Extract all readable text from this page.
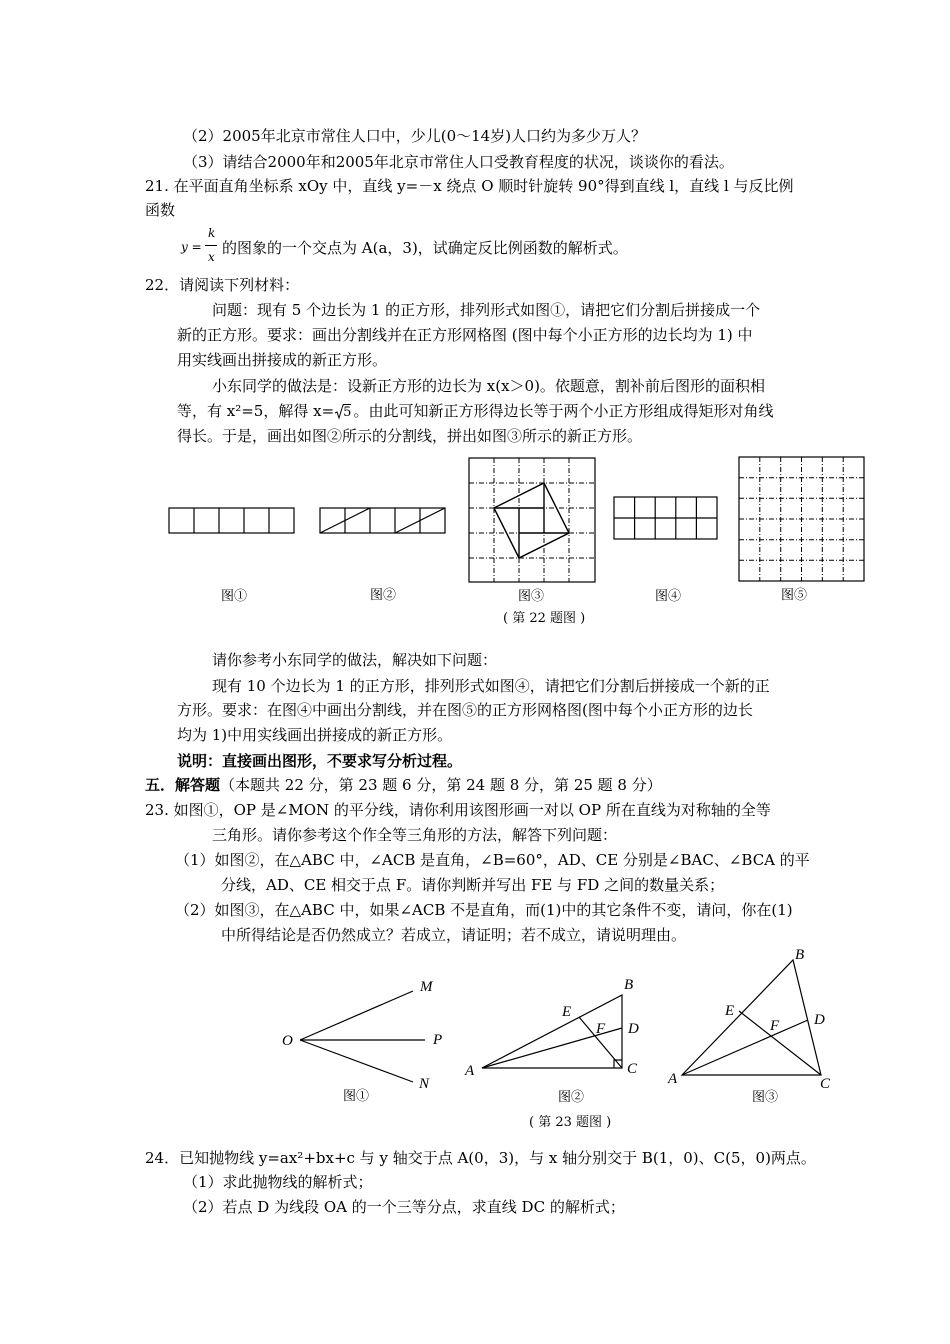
（2）2005年北京市常住人口中，少儿(0～14岁)人口约为多少万人？
（3）请结合2000年和2005年北京市常住人口受教育程度的状况，谈谈你的看法。
21. 在平面直角坐标系 xOy 中，直线 y=－x 绕点 O 顺时针旋转 90°得到直线 l，直线 l 与反比例
函数
y =
k
x 的图象的一个交点为 A(a，3)，试确定反比例函数的解析式。
22．请阅读下列材料：
问题：现有 5 个边长为 1 的正方形，排列形式如图①，请把它们分割后拼接成一个
新的正方形。要求：画出分割线并在正方形网格图 (图中每个小正方形的边长均为 1) 中
用实线画出拼接成的新正方形。
小东同学的做法是：设新正方形的边长为 x(x＞0)。依题意，割补前后图形的面积相
等，有 x²=5，解得 x= 5 。由此可知新正方形得边长等于两个小正方形组成得矩形对角线
得长。于是，画出如图②所示的分割线，拼出如图③所示的新正方形。
图①	图②	图③	图④	图⑤
( 第 22 题图 )
请你参考小东同学的做法，解决如下问题：
现有 10 个边长为 1 的正方形，排列形式如图④，请把它们分割后拼接成一个新的正
方形。要求：在图④中画出分割线，并在图⑤的正方形网格图(图中每个小正方形的边长
均为 1)中用实线画出拼接成的新正方形。
说明：直接画出图形，不要求写分析过程。
五．解答题（本题共 22 分，第 23 题 6 分，第 24 题 8 分，第 25 题 8 分）
23. 如图①，OP 是∠MON 的平分线，请你利用该图形画一对以 OP 所在直线为对称轴的全等
三角形。请你参考这个作全等三角形的方法，解答下列问题：
（1）如图②，在△ABC 中，∠ACB 是直角，∠B=60°，AD、CE 分别是∠BAC、∠BCA 的平
分线，AD、CE 相交于点 F。请你判断并写出 FE 与 FD 之间的数量关系；
（2）如图③，在△ABC 中，如果∠ACB 不是直角，而(1)中的其它条件不变，请问，你在(1)
中所得结论是否仍然成立？若成立，请证明；若不成立，请说明理由。
O
M
P
N
A
B
C
D
E
F
A
B
C
D
E
F
图①	图②	图③
( 第 23 题图 )
24．已知抛物线 y=ax²+bx+c 与 y 轴交于点 A(0，3)，与 x 轴分别交于 B(1，0)、C(5，0)两点。
（1）求此抛物线的解析式；
（2）若点 D 为线段 OA 的一个三等分点，求直线 DC 的解析式；
